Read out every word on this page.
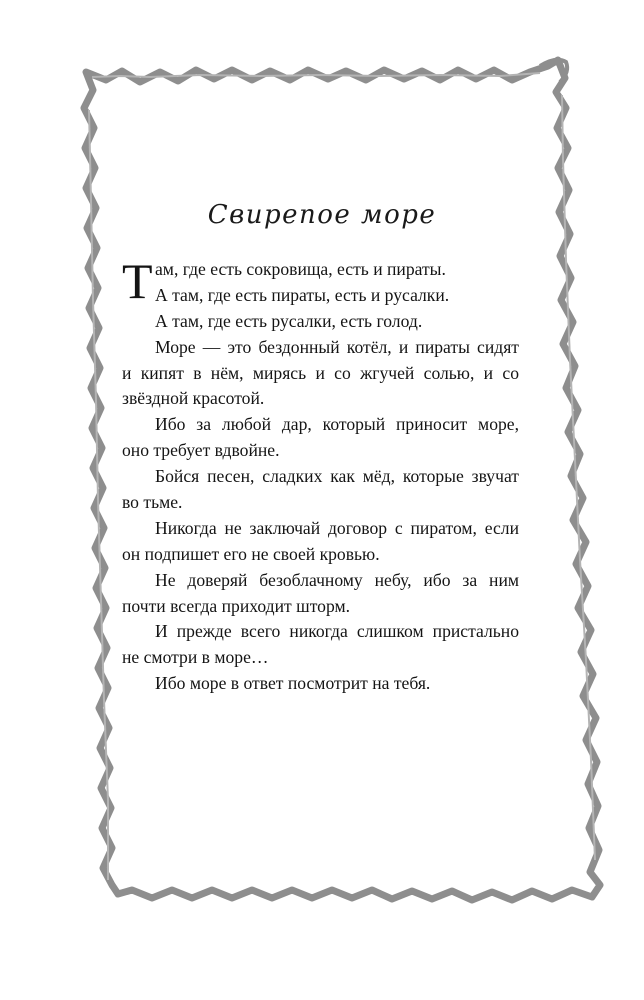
Свирепое море
Т ам, где есть сокровища, есть и пираты.
А там, где есть пираты, есть и русалки.
А там, где есть русалки, есть голод.
Море — это бездонный котёл, и пираты сидят
и кипят в нём, мирясь и со жгучей солью, и со
звёздной красотой.
Ибо за любой дар, который приносит море,
оно требует вдвойне.
Бойся песен, сладких как мёд, которые звучат
во тьме.
Никогда не заключай договор с пиратом, если
он подпишет его не своей кровью.
Не доверяй безоблачному небу, ибо за ним
почти всегда приходит шторм.
И прежде всего никогда слишком пристально
не смотри в море…
Ибо море в ответ посмотрит на тебя.
